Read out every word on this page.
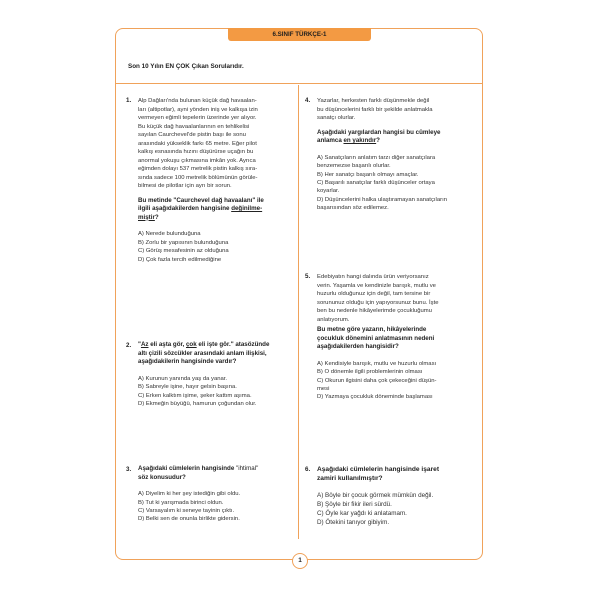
6.SINIF TÜRKÇE-1
Son 10 Yılın EN ÇOK Çıkan Sorularıdır.
1. Alp Dağları'nda bulunan küçük dağ havaalan-
ları (altipotlar), ayni yönden iniş ve kalkışa izin
vermeyen eğimli tepelerin üzerinde yer alıyor.
Bu küçük dağ havaalanlarının en tehlikelisi
sayılan Caurchevel'de pistin başı ile sonu
arasındaki yükseklik farkı 65 metre. Eğer pilot
kalkış esnasında hızını düşürürse uçağın bu
anormal yokuşu çıkmasına imkân yok. Ayrıca
eğimden dolayı 537 metrelik pistin kalkış sıra-
sında sadece 100 metrelik bölümünün görüle-
bilmesi de pilotlar için ayrı bir sorun.
Bu metinde "Caurchevel dağ havaalanı" ile
ilgili aşağıdakilerden hangisine değinilme-
miştir?
A) Nerede bulunduğuna
B) Zorlu bir yapısının bulunduğuna
C) Görüş mesafesinin az olduğuna
D) Çok fazla tercih edilmediğine
2. "Az eli aşta gör, çok eli işte gör." atasözünde
altı çizili sözcükler arasındaki anlam ilişkisi,
aşağıdakilerin hangisinde vardır?
A) Kurunun yanında yaş da yanar.
B) Sabreyle işine, hayır gelsin başına.
C) Erken kalktım işime, şeker kattım aşıma.
D) Ekmeğin büyüğü, hamurun çoğundan olur.
3. Aşağıdaki cümlelerin hangisinde "ihtimal"
söz konusudur?
A) Diyelim ki her şey istediğin gibi oldu.
B) Tut ki yarışmada birinci oldun.
C) Varsayalım ki seneye tayinin çıktı.
D) Belki sen de onunla birlikte gidersin.
4. Yazarlar, herkesten farklı düşünmekle değil
bu düşüncelerini farklı bir şekilde anlatmakla
sanatçı olurlar.
Aşağıdaki yargılardan hangisi bu cümleye
anlamca en yakındır?
A) Sanatçıların anlatım tarzı diğer sanatçılara
benzemezse başarılı olurlar.
B) Her sanatçı başarılı olmayı amaçlar.
C) Başarılı sanatçılar farklı düşünceler ortaya
koyarlar.
D) Düşüncelerini halka ulaştıramayan sanatçıların
başarısından söz edilemez.
5. Edebiyatın hangi dalında ürün veriyorsanız
verin. Yaşamla ve kendinizle barışık, mutlu ve
huzurlu olduğunuz için değil, tam tersine bir
sorununuz olduğu için yapıyorsunuz bunu. İşte
ben bu nedenle hikâyelerimde çocukluğumu
anlatıyorum.
Bu metne göre yazarın, hikâyelerinde
çocukluk dönemini anlatmasının nedeni
aşağıdakilerden hangisidir?
A) Kendisiyle barışık, mutlu ve huzurlu olması
B) O dönemle ilgili problemlerinin olması
C) Okurun ilgisini daha çok çekeceğini düşün-
mesi
D) Yazmaya çocukluk döneminde başlaması
6. Aşağıdaki cümlelerin hangisinde işaret
zamiri kullanılmıştır?
A) Böyle bir çocuk görmek mümkün değil.
B) Şöyle bir fikir ileri sürdü.
C) Öyle kar yağdı ki anlatamam.
D) Ötekini tanıyor gibiyim.
1
